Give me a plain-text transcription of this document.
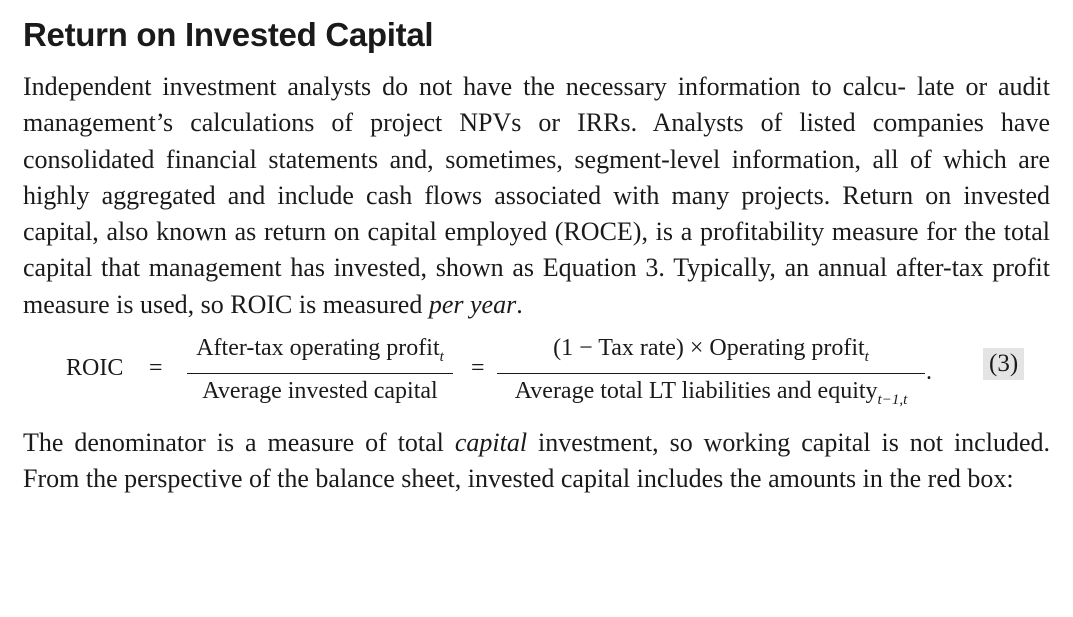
Return on Invested Capital

Independent investment analysts do not have the necessary information to calcu- late or audit management’s calculations of project NPVs or IRRs. Analysts of listed companies have consolidated financial statements and, sometimes, segment-level information, all of which are highly aggregated and include cash flows associated with many projects. Return on invested capital, also known as return on capital employed (ROCE), is a profitability measure for the total capital that management has invested, shown as Equation 3. Typically, an annual after-tax profit measure is used, so ROIC is measured per year.

ROIC =
After-tax operating profit$_t$
Average invested capital
=
(1 − Tax rate) × Operating profit$_t$
Average total LT liabilities and equity$_{t-1,t}$
. (3)

The denominator is a measure of total capital investment, so working capital is not included. From the perspective of the balance sheet, invested capital includes the amounts in the red box:
